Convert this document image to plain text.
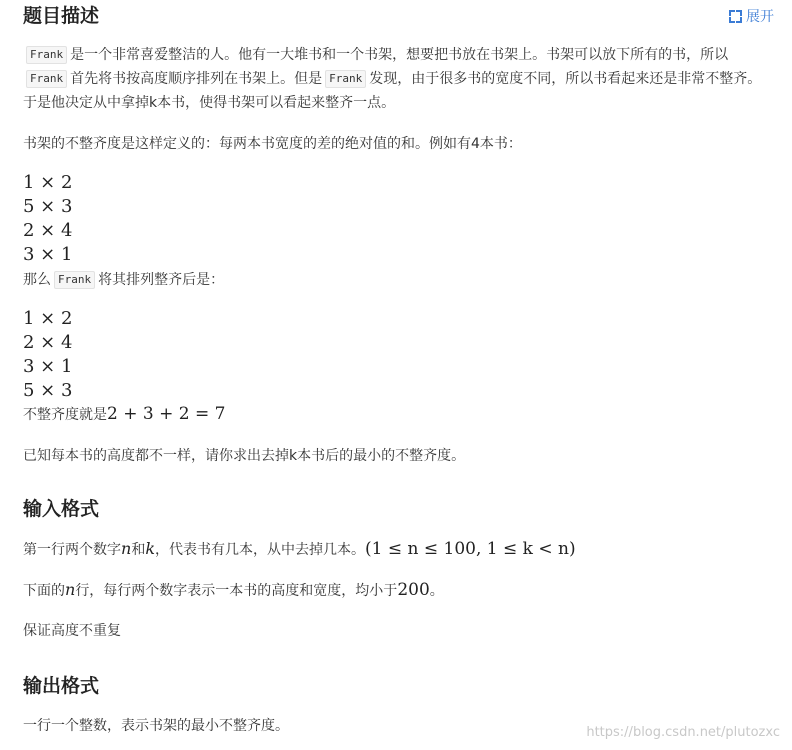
题目描述	展开

Frank 是一个非常喜爱整洁的人。他有一大堆书和一个书架，想要把书放在书架上。书架可以放下所有的书，所以Frank 首先将书按高度顺序排列在书架上。但是 Frank 发现，由于很多书的宽度不同，所以书看起来还是非常不整齐。于是他决定从中拿掉k本书，使得书架可以看起来整齐一点。

书架的不整齐度是这样定义的：每两本书宽度的差的绝对值的和。例如有4本书：

1 × 2
5 × 3
2 × 4
3 × 1

那么 Frank 将其排列整齐后是：

1 × 2
2 × 4
3 × 1
5 × 3

不整齐度就是2 + 3 + 2 = 7

已知每本书的高度都不一样，请你求出去掉k本书后的最小的不整齐度。

输入格式

第一行两个数字n和k，代表书有几本，从中去掉几本。(1 ≤ n ≤ 100, 1 ≤ k < n)

下面的n行，每行两个数字表示一本书的高度和宽度，均小于200。

保证高度不重复

输出格式

一行一个整数，表示书架的最小不整齐度。	https://blog.csdn.net/plutozxc
